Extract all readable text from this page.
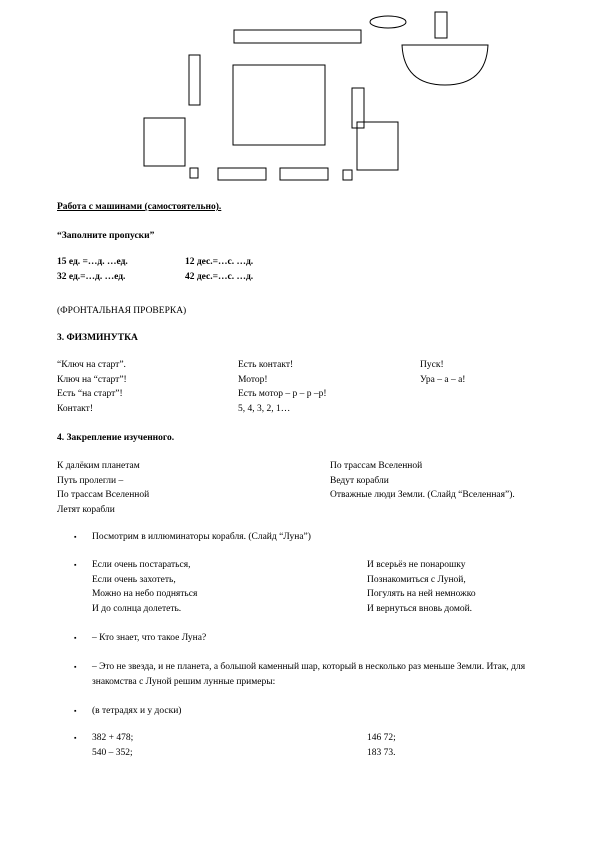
Работа с машинами (самостоятельно).
“Заполните пропуски”
15 ед. =…д. …ед.
32 ед.=…д. …ед.
12 дес.=…с. …д.
42 дес.=…с. …д.
(ФРОНТАЛЬНАЯ ПРОВЕРКА)
3. ФИЗМИНУТКА
“Ключ на старт”.
Ключ на “старт”!
Есть “на старт”!
Контакт!
Есть контакт!
Мотор!
Есть мотор – р – р –р!
5, 4, 3, 2, 1…
Пуск!
Ура – а – а!
4. Закрепление изученного.
К далёким планетам
Путь пролегли –
По трассам Вселенной
Летят корабли
По трассам Вселенной
Ведут корабли
Отважные люди Земли. (Слайд “Вселенная”).
▪ Посмотрим в иллюминаторы корабля. (Слайд “Луна”)
▪ Если очень постараться,
Если очень захотеть,
Можно на небо подняться
И до солнца долететь.
И всерьёз не понарошку
Познакомиться с Луной,
Погулять на ней немножко
И вернуться вновь домой.
▪ – Кто знает, что такое Луна?
▪ – Это не звезда, и не планета, а большой каменный шар, который в несколько раз меньше Земли. Итак, для знакомства с Луной решим лунные примеры:
▪ (в тетрадях и у доски)
▪ 382 + 478;
540 – 352;
146 72;
183 73.
